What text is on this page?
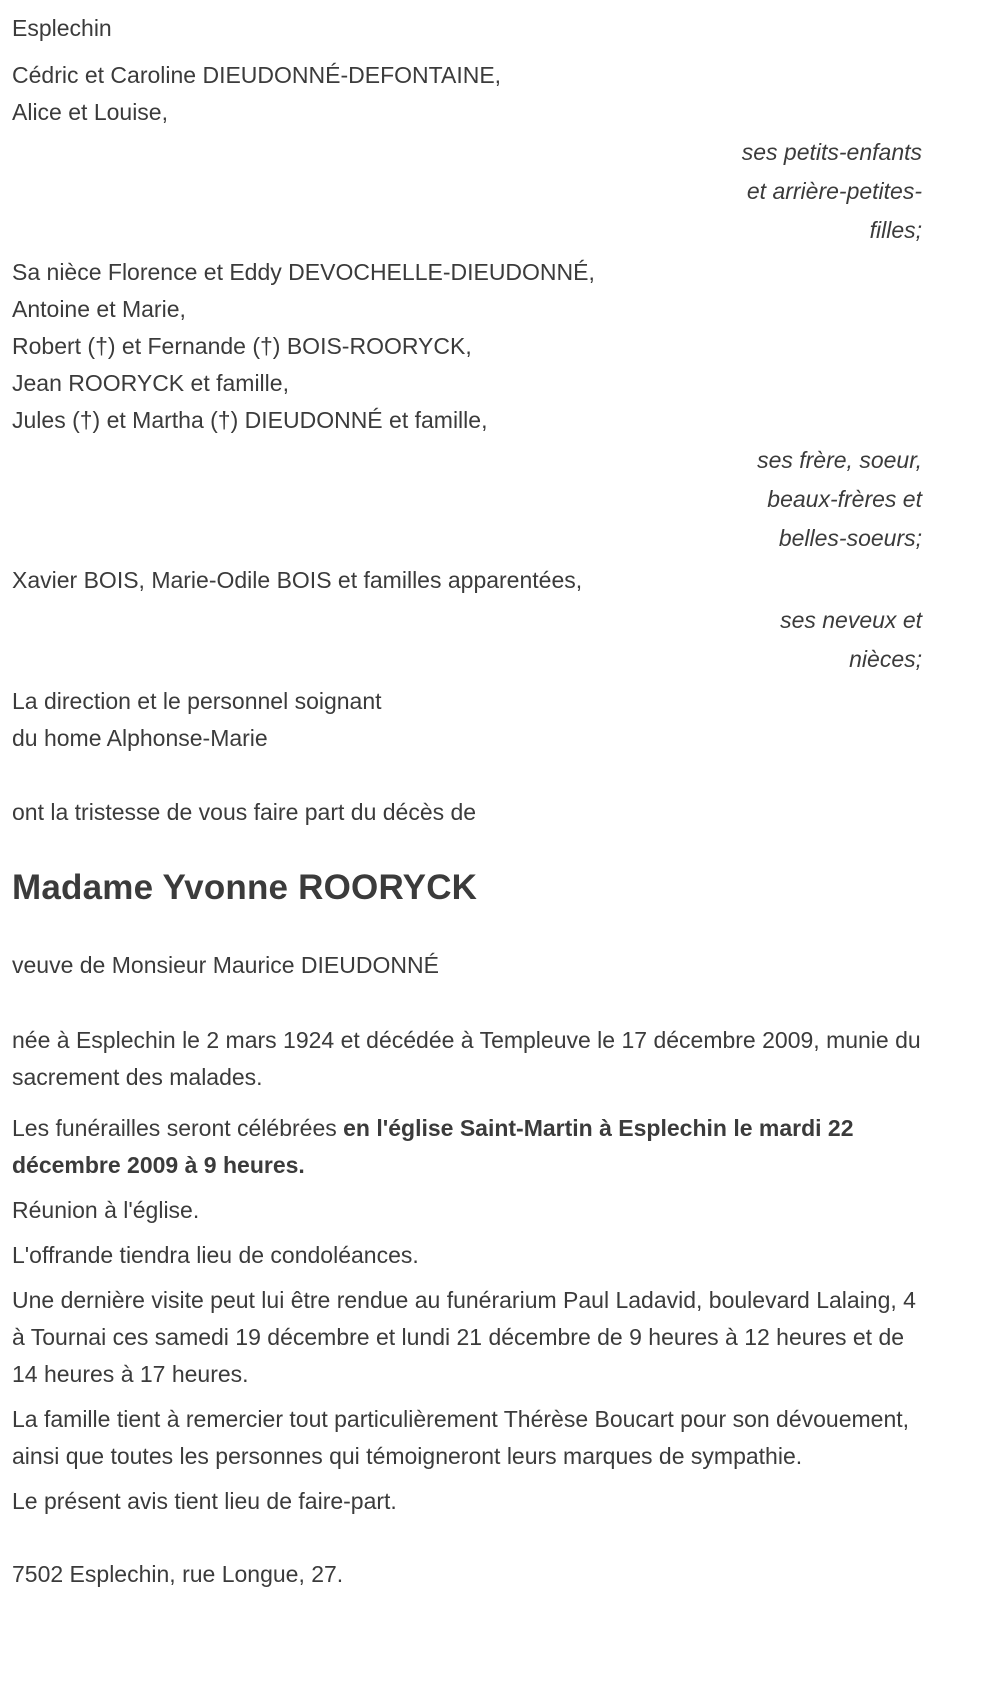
Esplechin

Cédric et Caroline DIEUDONNÉ-DEFONTAINE,

Alice et Louise,

ses petits-enfants
et arrière-petites-
filles;

Sa nièce Florence et Eddy DEVOCHELLE-DIEUDONNÉ,

Antoine et Marie,

Robert (†) et Fernande (†) BOIS-ROORYCK,

Jean ROORYCK et famille,

Jules (†) et Martha (†) DIEUDONNÉ et famille,

ses frère, soeur,
beaux-frères et
belles-soeurs;

Xavier BOIS, Marie-Odile BOIS et familles apparentées,

ses neveux et
nièces;

La direction et le personnel soignant

du home Alphonse-Marie

ont la tristesse de vous faire part du décès de

Madame Yvonne ROORYCK

veuve de Monsieur Maurice DIEUDONNÉ

née à Esplechin le 2 mars 1924 et décédée à Templeuve le 17 décembre 2009, munie du sacrement des malades.

Les funérailles seront célébrées en l'église Saint-Martin à Esplechin le mardi 22 décembre 2009 à 9 heures.

Réunion à l'église.

L'offrande tiendra lieu de condoléances.

Une dernière visite peut lui être rendue au funérarium Paul Ladavid, boulevard Lalaing, 4 à Tournai ces samedi 19 décembre et lundi 21 décembre de 9 heures à 12 heures et de 14 heures à 17 heures.

La famille tient à remercier tout particulièrement Thérèse Boucart pour son dévouement, ainsi que toutes les personnes qui témoigneront leurs marques de sympathie.

Le présent avis tient lieu de faire-part.

7502 Esplechin, rue Longue, 27.
